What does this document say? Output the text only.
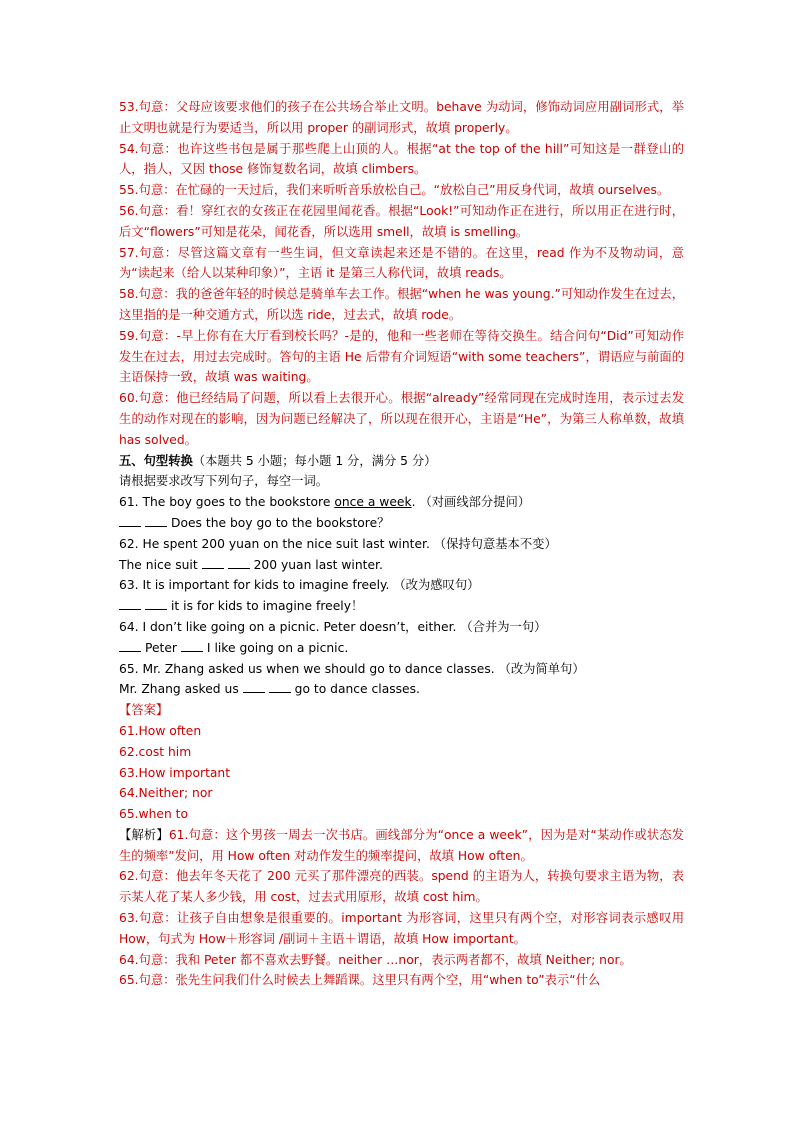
53.句意：父母应该要求他们的孩子在公共场合举止文明。behave 为动词，修饰动词应用副词形式，举止文明也就是行为要适当，所以用 proper 的副词形式，故填 properly。

54.句意：也许这些书包是属于那些爬上山顶的人。根据“at the top of the hill”可知这是一群登山的人，指人，又因 those 修饰复数名词，故填 climbers。

55.句意：在忙碌的一天过后，我们来听听音乐放松自己。“放松自己”用反身代词，故填 ourselves。

56.句意：看！穿红衣的女孩正在花园里闻花香。根据“Look!”可知动作正在进行，所以用正在进行时，后文“flowers”可知是花朵，闻花香，所以选用 smell，故填 is smelling。

57.句意：尽管这篇文章有一些生词，但文章读起来还是不错的。在这里，read 作为不及物动词，意为“读起来（给人以某种印象）”，主语 it 是第三人称代词，故填 reads。

58.句意：我的爸爸年轻的时候总是骑单车去工作。根据“when he was young.”可知动作发生在过去，这里指的是一种交通方式，所以选 ride，过去式，故填 rode。

59.句意：-早上你有在大厅看到校长吗？-是的，他和一些老师在等待交换生。结合问句“Did”可知动作发生在过去，用过去完成时。答句的主语 He 后带有介词短语“with some teachers”，谓语应与前面的主语保持一致，故填 was waiting。

60.句意：他已经结局了问题，所以看上去很开心。根据“already”经常同现在完成时连用，表示过去发生的动作对现在的影响，因为问题已经解决了，所以现在很开心，主语是“He”，为第三人称单数，故填 has solved。

五、句型转换（本题共 5 小题；每小题 1 分，满分 5 分）

请根据要求改写下列句子，每空一词。

61. The boy goes to the bookstore once a week. （对画线部分提问）

Does the boy go to the bookstore？

62. He spent 200 yuan on the nice suit last winter. （保持句意基本不变）

The nice suit	200 yuan last winter.

63. It is important for kids to imagine freely. （改为感叹句）

it is for kids to imagine freely！

64. I don’t like going on a picnic. Peter doesn’t，either. （合并为一句）

Peter I like going on a picnic.

65. Mr. Zhang asked us when we should go to dance classes. （改为简单句）

Mr. Zhang asked us	go to dance classes.

【答案】

61.How often

62.cost him

63.How important

64.Neither; nor

65.when to

【解析】61.句意：这个男孩一周去一次书店。画线部分为“once a week”，因为是对“某动作或状态发生的频率”发问，用 How often 对动作发生的频率提问，故填 How often。

62.句意：他去年冬天花了 200 元买了那件漂亮的西装。spend 的主语为人，转换句要求主语为物，表示某人花了某人多少钱，用 cost，过去式用原形，故填 cost him。

63.句意：让孩子自由想象是很重要的。important 为形容词，这里只有两个空，对形容词表示感叹用 How，句式为 How＋形容词 /副词＋主语＋谓语，故填 How important。

64.句意：我和 Peter 都不喜欢去野餐。neither …nor，表示两者都不，故填 Neither; nor。

65.句意：张先生问我们什么时候去上舞蹈课。这里只有两个空，用“when to”表示“什么
